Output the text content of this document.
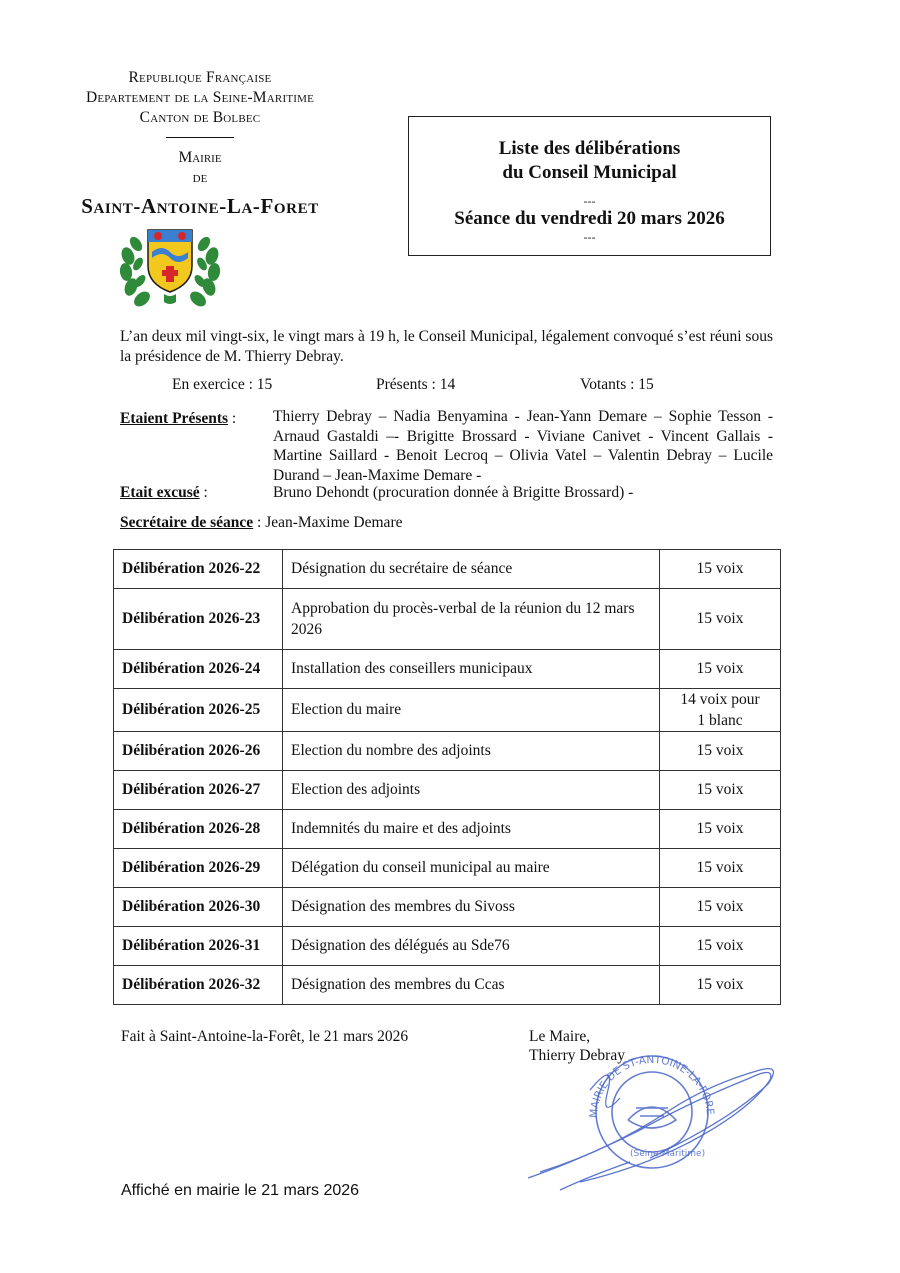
Republique Française
Departement de la Seine-Maritime
Canton de Bolbec
Mairie
de
Saint-Antoine-La-Foret
Liste des délibérations
du Conseil Municipal
---
Séance du vendredi 20 mars 2026
---
L’an deux mil vingt-six, le vingt mars à 19 h, le Conseil Municipal, légalement convoqué s’est réuni sous la présidence de M. Thierry Debray.
En exercice : 15	Présents : 14	Votants : 15
Etaient Présents : Thierry Debray – Nadia Benyamina - Jean-Yann Demare – Sophie Tesson - Arnaud Gastaldi –- Brigitte Brossard - Viviane Canivet - Vincent Gallais - Martine Saillard - Benoit Lecroq – Olivia Vatel – Valentin Debray – Lucile Durand – Jean-Maxime Demare -
Etait excusé :	Bruno Dehondt (procuration donnée à Brigitte Brossard) -
Secrétaire de séance : Jean-Maxime Demare
Délibération 2026-22	Désignation du secrétaire de séance	15 voix
Délibération 2026-23	Approbation du procès-verbal de la réunion du 12 mars 2026	15 voix
Délibération 2026-24	Installation des conseillers municipaux	15 voix
Délibération 2026-25	Election du maire	14 voix pour
1 blanc

Délibération 2026-26	Election du nombre des adjoints	15 voix
Délibération 2026-27	Election des adjoints	15 voix
Délibération 2026-28	Indemnités du maire et des adjoints	15 voix
Délibération 2026-29	Délégation du conseil municipal au maire	15 voix
Délibération 2026-30	Désignation des membres du Sivoss	15 voix
Délibération 2026-31	Désignation des délégués au Sde76	15 voix
Délibération 2026-32	Désignation des membres du Ccas	15 voix
Fait à Saint-Antoine-la-Forêt, le 21 mars 2026	Le Maire,
Thierry Debray
MAIRIE DE ST-ANTOINE-LA-FORE
(Seine-Maritime)
Affiché en mairie le 21 mars 2026
